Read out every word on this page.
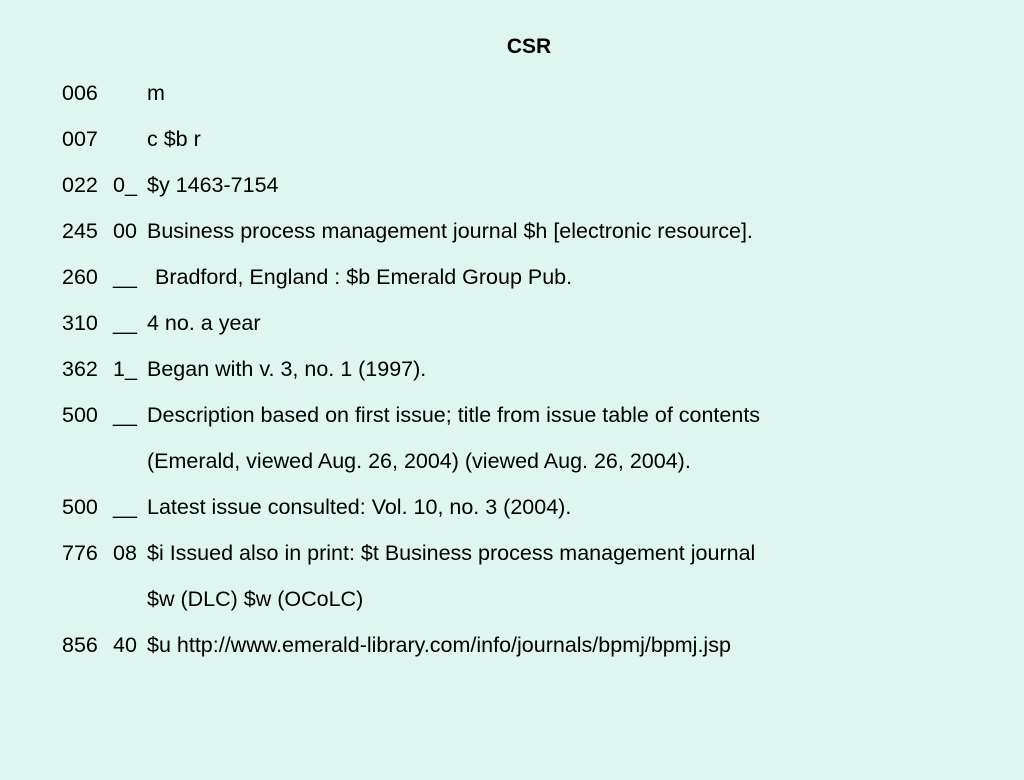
CSR

006

m

007

c $b r

022

0_

$y 1463-7154

245

00

Business process management journal $h [electronic resource].

260

__

Bradford, England : $b Emerald Group Pub.

310

__

4 no. a year

362

1_

Began with v. 3, no. 1 (1997).

500

__

Description based on first issue; title from issue table of contents

(Emerald, viewed Aug. 26, 2004) (viewed Aug. 26, 2004).

500

__

Latest issue consulted: Vol. 10, no. 3 (2004).

776

08

$i Issued also in print: $t Business process management journal

$w (DLC) $w (OCoLC)

856

40

$u http://www.emerald-library.com/info/journals/bpmj/bpmj.jsp
